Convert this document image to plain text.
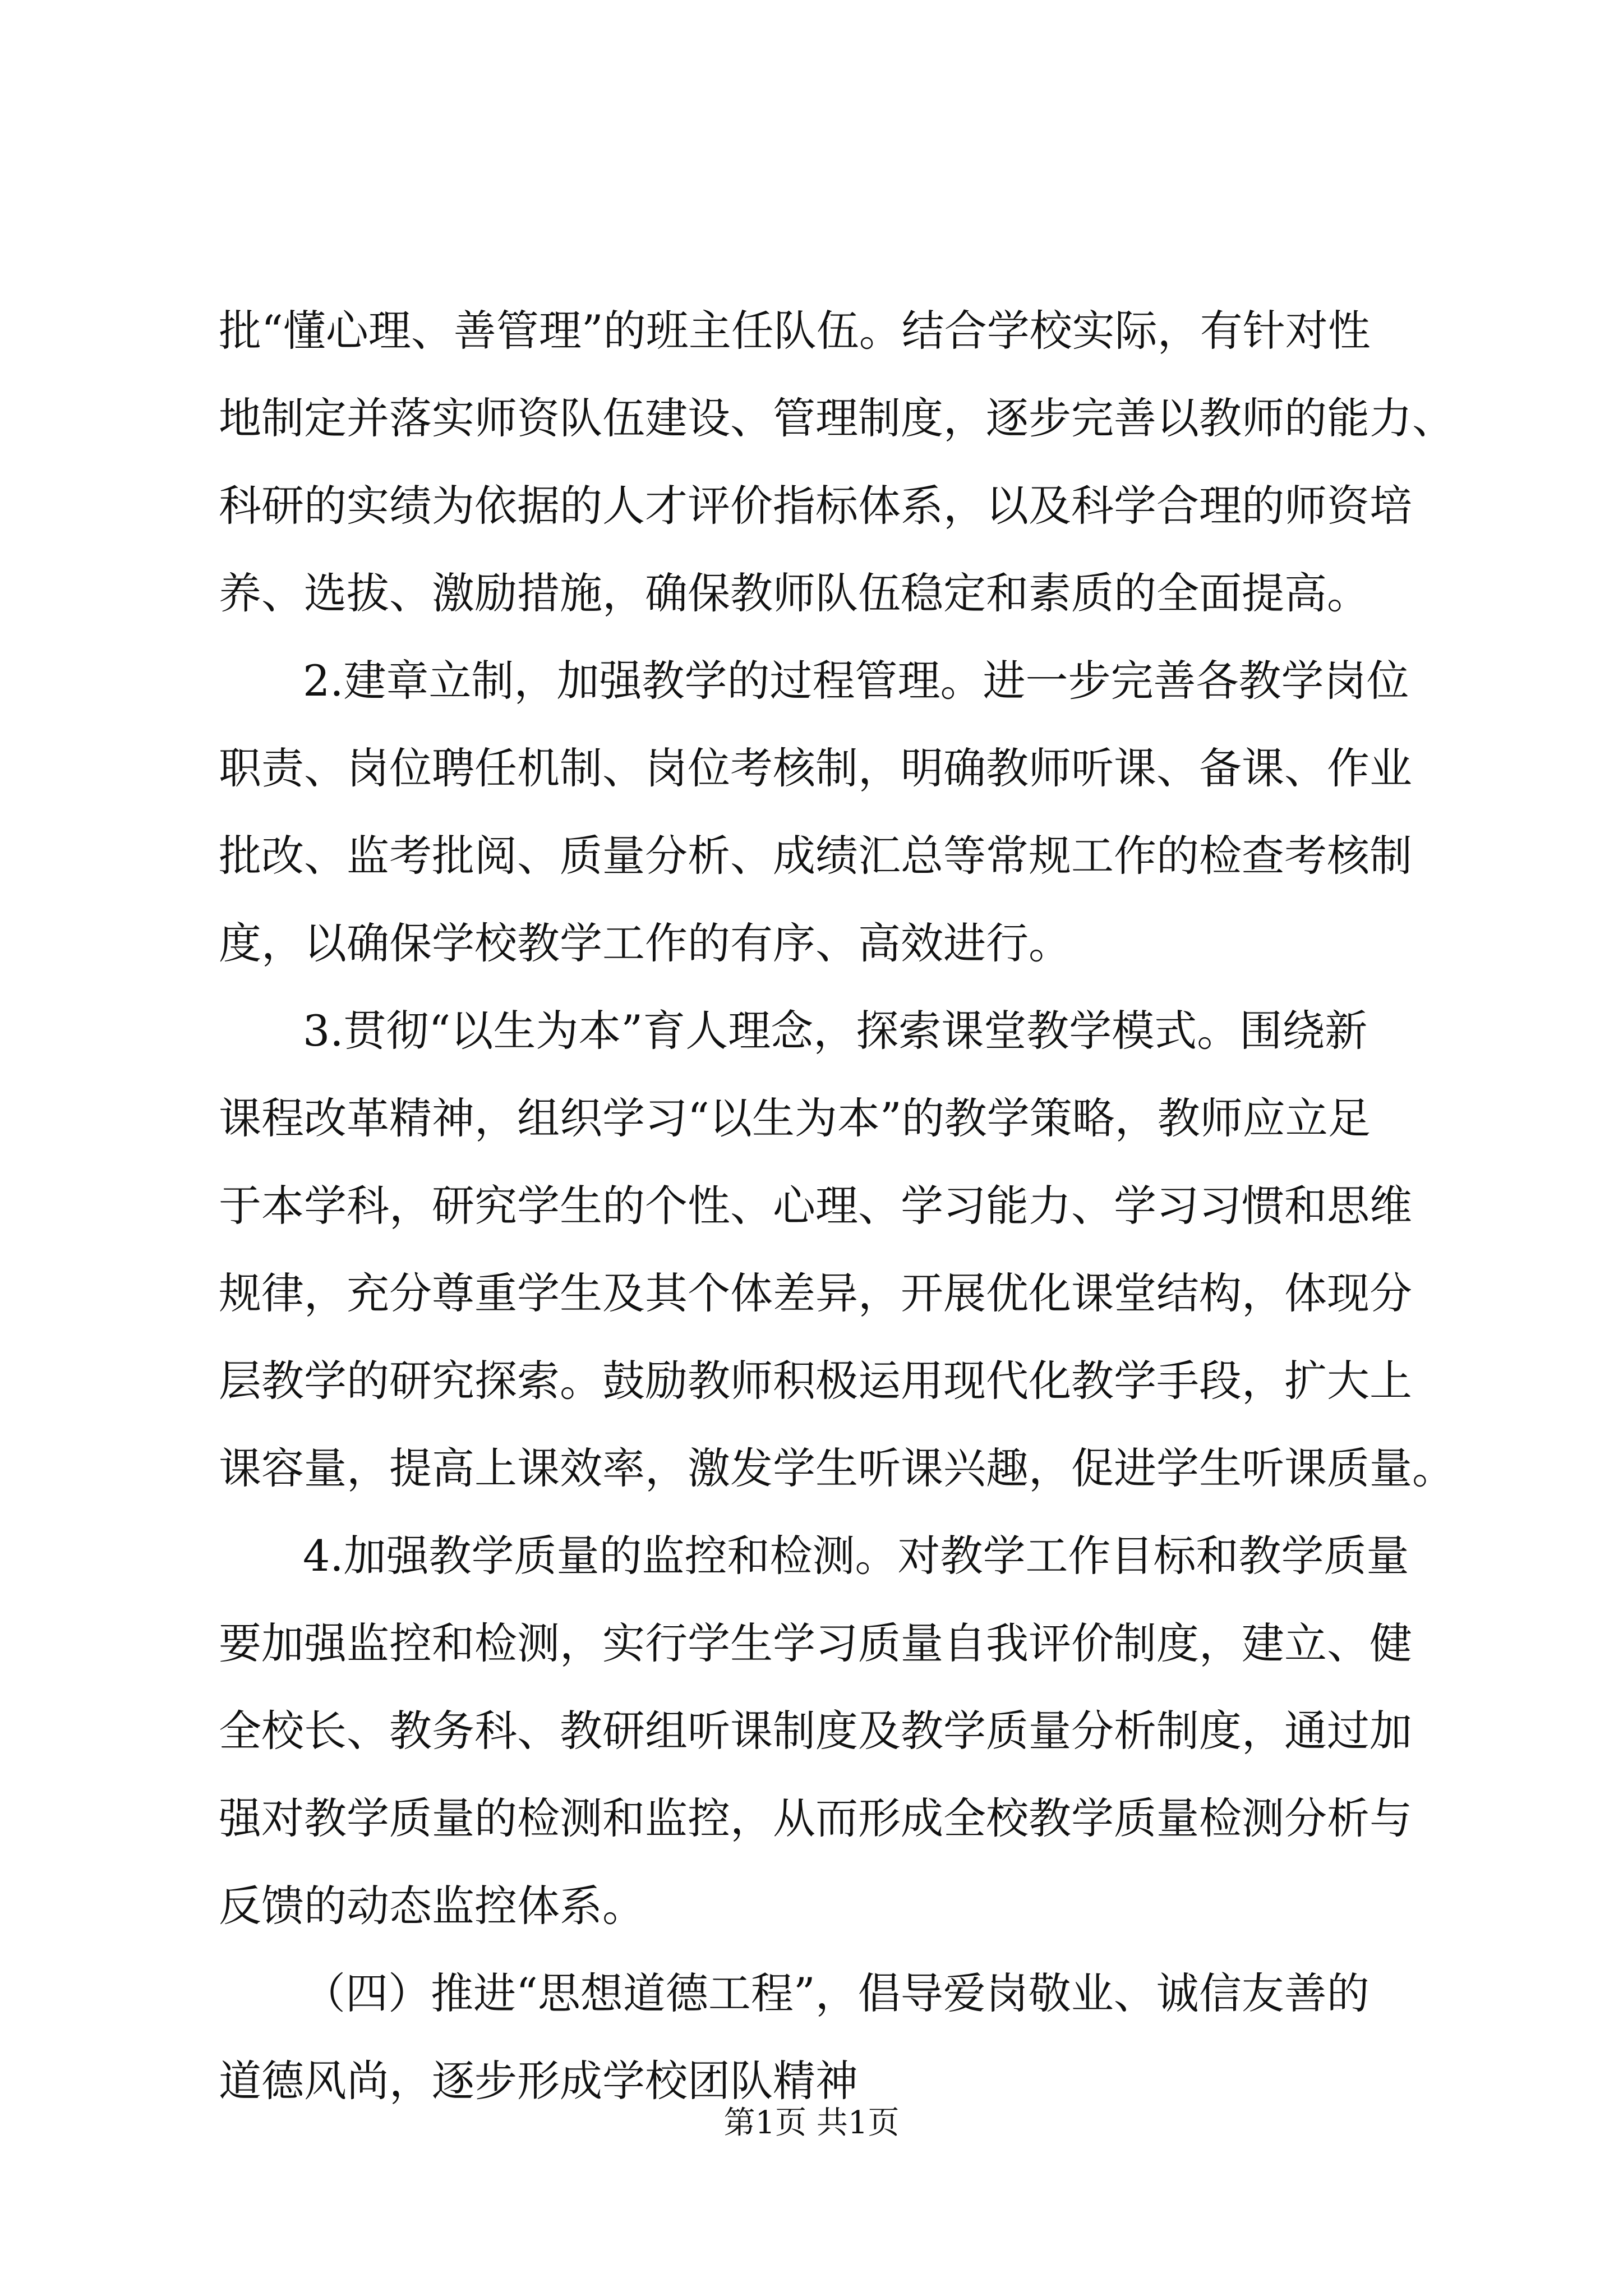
批“懂心理、善管理”的班主任队伍。结合学校实际，有针对性
地制定并落实师资队伍建设、管理制度，逐步完善以教师的能力、
科研的实绩为依据的人才评价指标体系，以及科学合理的师资培
养、选拔、激励措施，确保教师队伍稳定和素质的全面提高。
2.建章立制，加强教学的过程管理。进一步完善各教学岗位
职责、岗位聘任机制、岗位考核制，明确教师听课、备课、作业
批改、监考批阅、质量分析、成绩汇总等常规工作的检查考核制
度，以确保学校教学工作的有序、高效进行。
3.贯彻“以生为本”育人理念，探索课堂教学模式。围绕新
课程改革精神，组织学习“以生为本”的教学策略，教师应立足
于本学科，研究学生的个性、心理、学习能力、学习习惯和思维
规律，充分尊重学生及其个体差异，开展优化课堂结构，体现分
层教学的研究探索。鼓励教师积极运用现代化教学手段，扩大上
课容量，提高上课效率，激发学生听课兴趣，促进学生听课质量。
4.加强教学质量的监控和检测。对教学工作目标和教学质量
要加强监控和检测，实行学生学习质量自我评价制度，建立、健
全校长、教务科、教研组听课制度及教学质量分析制度，通过加
强对教学质量的检测和监控，从而形成全校教学质量检测分析与
反馈的动态监控体系。
（四）推进“思想道德工程”，倡导爱岗敬业、诚信友善的
道德风尚，逐步形成学校团队精神
第1页 共1页
